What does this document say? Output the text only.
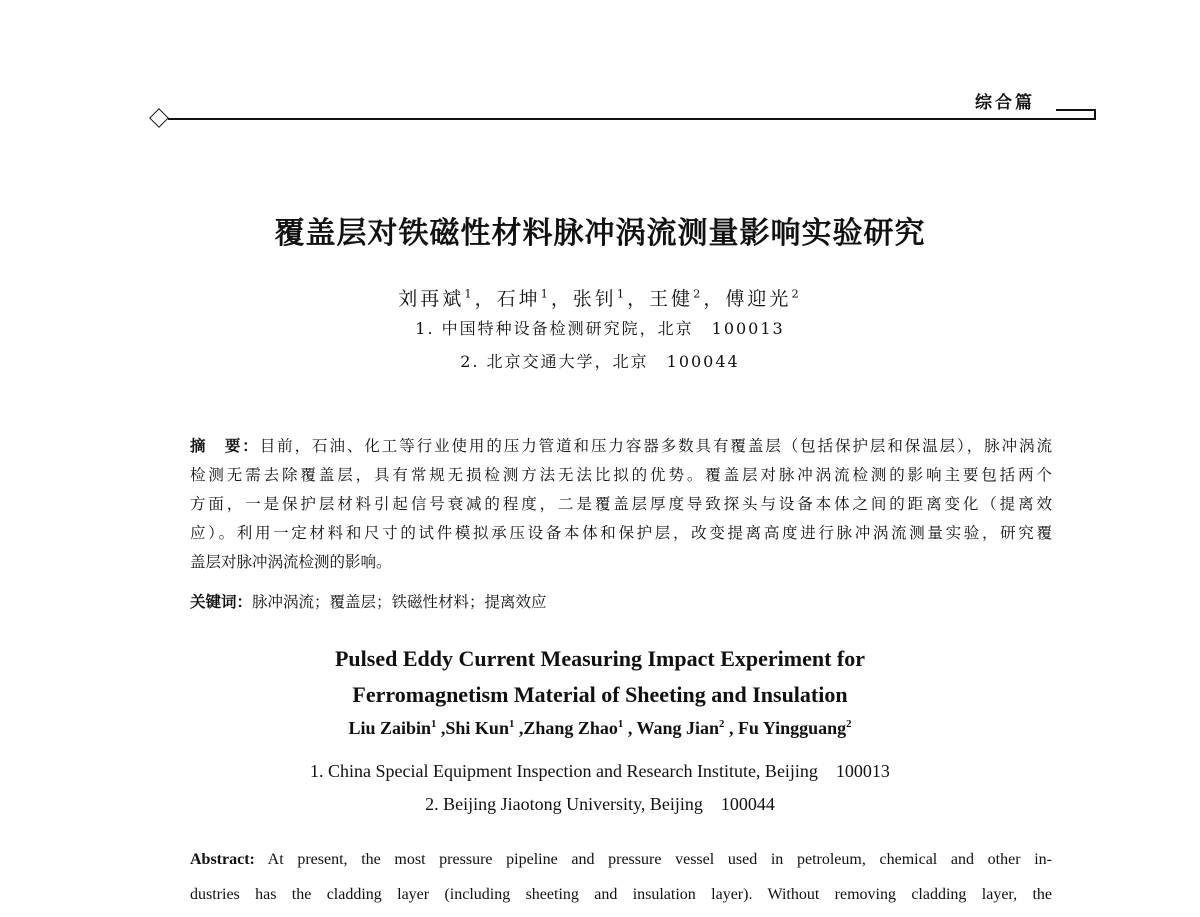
综合篇
覆盖层对铁磁性材料脉冲涡流测量影响实验研究
刘再斌$^1$，石坤$^1$，张钊$^1$，王健$^2$，傅迎光$^2$
1. 中国特种设备检测研究院，北京　100013
2. 北京交通大学，北京　100044
摘　要：目前，石油、化工等行业使用的压力管道和压力容器多数具有覆盖层（包括保护层和保温层），脉冲涡流
检测无需去除覆盖层，具有常规无损检测方法无法比拟的优势。覆盖层对脉冲涡流检测的影响主要包括两个
方面，一是保护层材料引起信号衰减的程度，二是覆盖层厚度导致探头与设备本体之间的距离变化（提离效
应）。利用一定材料和尺寸的试件模拟承压设备本体和保护层，改变提离高度进行脉冲涡流测量实验，研究覆
盖层对脉冲涡流检测的影响。
关键词：脉冲涡流；覆盖层；铁磁性材料；提离效应
Pulsed Eddy Current Measuring Impact Experiment for
Ferromagnetism Material of Sheeting and Insulation
Liu Zaibin$^1$ ,Shi Kun$^1$ ,Zhang Zhao$^1$ , Wang Jian$^2$ , Fu Yingguang$^2$
1. China Special Equipment Inspection and Research Institute, Beijing　100013
2. Beijing Jiaotong University, Beijing　100044
Abstract: At present, the most pressure pipeline and pressure vessel used in petroleum, chemical and other in-
dustries has the cladding layer (including sheeting and insulation layer). Without removing cladding layer, the
